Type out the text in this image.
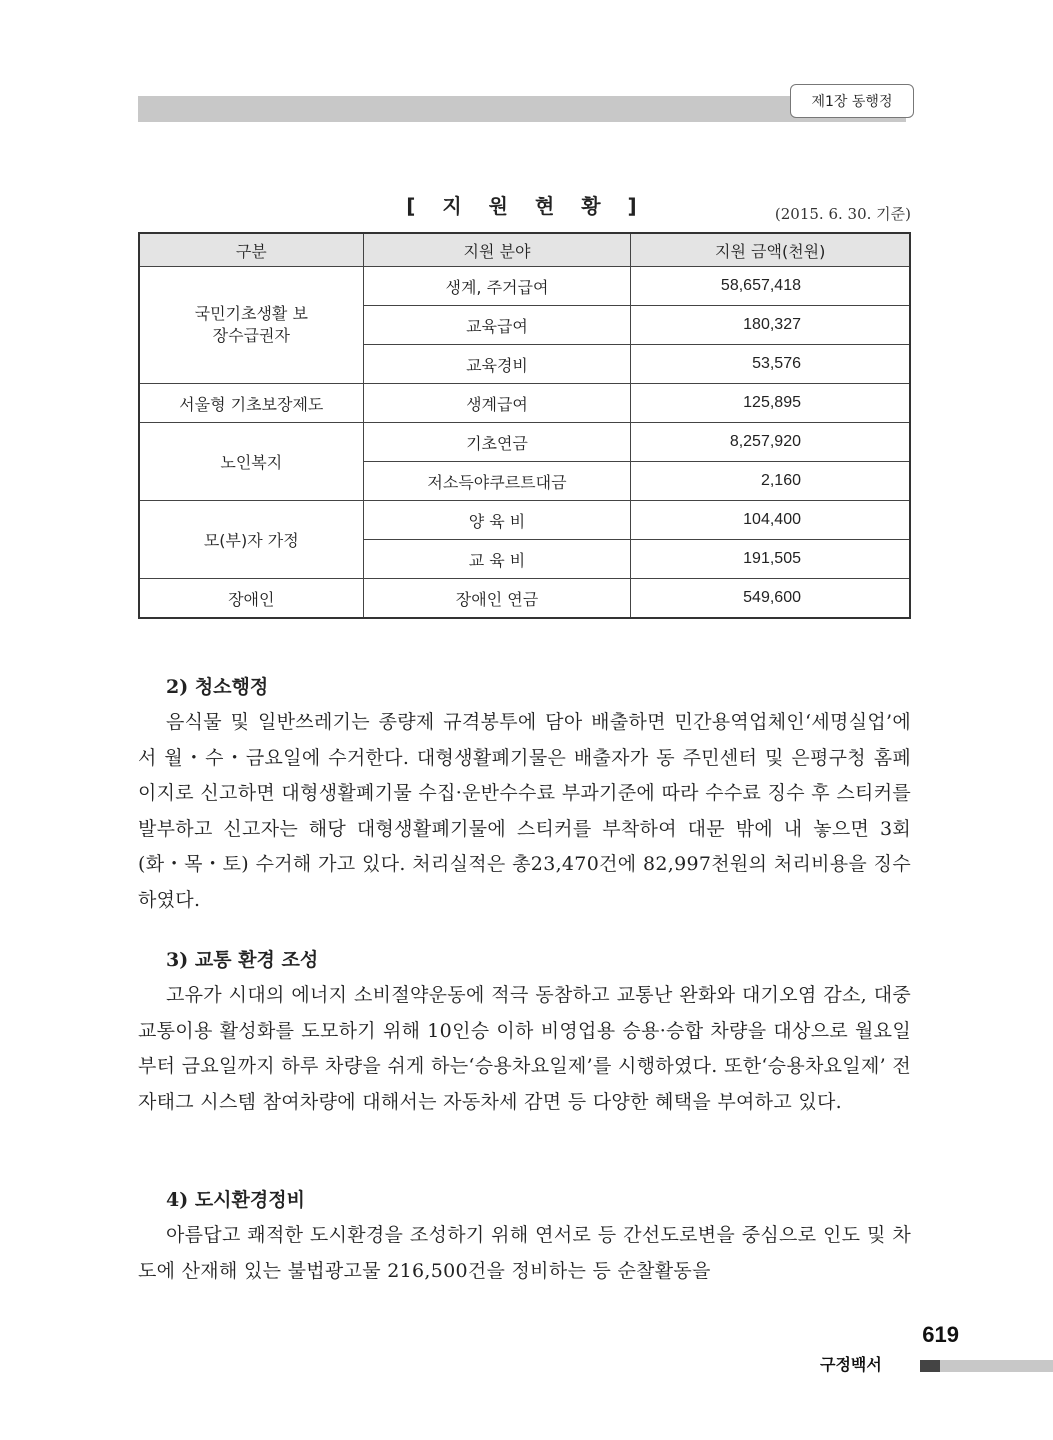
제1장 동행정
[ 지 원 현 황 ]	(2015. 6. 30. 기준)
구분	지원 분야	지원 금액(천원)
국민기초생활 보장수급권자	생계, 주거급여	58,657,418
	교육급여	180,327
	교육경비	53,576
서울형 기초보장제도	생계급여	125,895
노인복지	기초연금	8,257,920
	저소득야쿠르트대금	2,160
모(부)자 가정	양 육 비	104,400
	교 육 비	191,505
장애인	장애인 연금	549,600
2) 청소행정

음식물 및 일반쓰레기는 종량제 규격봉투에 담아 배출하면 민간용역업체인‘세명실업’에서 월・수・금요일에 수거한다. 대형생활폐기물은 배출자가 동 주민센터 및 은평구청 홈페이지로 신고하면 대형생활폐기물 수집·운반수수료 부과기준에 따라 수수료 징수 후 스티커를 발부하고 신고자는 해당 대형생활폐기물에 스티커를 부착하여 대문 밖에 내 놓으면 3회(화・목・토) 수거해 가고 있다. 처리실적은 총23,470건에 82,997천원의 처리비용을 징수하였다.

3) 교통 환경 조성

고유가 시대의 에너지 소비절약운동에 적극 동참하고 교통난 완화와 대기오염 감소, 대중교통이용 활성화를 도모하기 위해 10인승 이하 비영업용 승용·승합 차량을 대상으로 월요일부터 금요일까지 하루 차량을 쉬게 하는‘승용차요일제’를 시행하였다. 또한‘승용차요일제’ 전자태그 시스템 참여차량에 대해서는 자동차세 감면 등 다양한 혜택을 부여하고 있다.

4) 도시환경정비

아름답고 쾌적한 도시환경을 조성하기 위해 연서로 등 간선도로변을 중심으로 인도 및 차도에 산재해 있는 불법광고물 216,500건을 정비하는 등 순찰활동을

619
구정백서
